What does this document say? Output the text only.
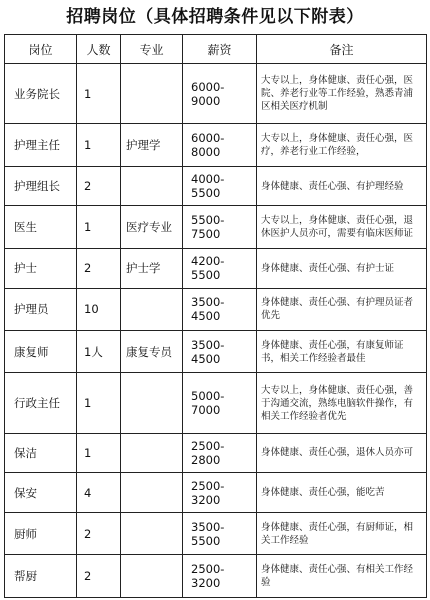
招聘岗位（具体招聘条件见以下附表）
岗位	人数	专业	薪资	备注
业务院长	1		6000-9000	大专以上，身体健康、责任心强，医院、养老行业等工作经验，熟悉青浦区相关医疗机制
护理主任	1	护理学	6000-8000	大专以上，身体健康、责任心强，医疗，养老行业工作经验，
护理组长	2		4000-5500	身体健康、责任心强、有护理经验
医生	1	医疗专业	5500-7500	大专以上，身体健康、责任心强，退休医护人员亦可，需要有临床医师证
护士	2	护士学	4200-5500	身体健康、责任心强、有护士证
护理员	10		3500-4500	身体健康、责任心强、有护理员证者优先
康复师	1人	康复专员	3500-4500	身体健康、责任心强，有康复师证书，相关工作经验者最佳
行政主任	1		5000-7000	大专以上，身体健康、责任心强，善于沟通交流，熟练电脑软件操作，有相关工作经验者优先
保洁	1		2500-2800	身体健康、责任心强，退休人员亦可
保安	4		2500-3200	身体健康、责任心强，能吃苦
厨师	2		3500-5500	身体健康、责任心强，有厨师证，相关工作经验
帮厨	2		2500-3200	身体健康、责任心强、有相关工作经验
